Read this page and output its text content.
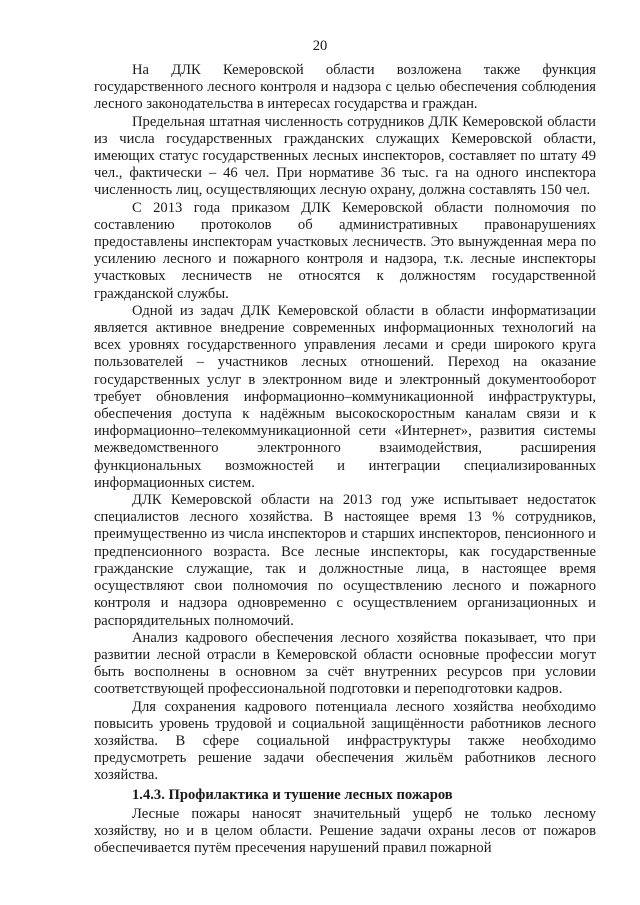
20

На ДЛК Кемеровской области возложена также функция государственного лесного контроля и надзора с целью обеспечения соблюдения лесного законодательства в интересах государства и граждан.

Предельная штатная численность сотрудников ДЛК Кемеровской области из числа государственных гражданских служащих Кемеровской области, имеющих статус государственных лесных инспекторов, составляет по штату 49 чел., фактически – 46 чел. При нормативе 36 тыс. га на одного инспектора численность лиц, осуществляющих лесную охрану, должна составлять 150 чел.

С 2013 года приказом ДЛК Кемеровской области полномочия по составлению протоколов об административных правонарушениях предоставлены инспекторам участковых лесничеств. Это вынужденная мера по усилению лесного и пожарного контроля и надзора, т.к. лесные инспекторы участковых лесничеств не относятся к должностям государственной гражданской службы.

Одной из задач ДЛК Кемеровской области в области информатизации является активное внедрение современных информационных технологий на всех уровнях государственного управления лесами и среди широкого круга пользователей – участников лесных отношений. Переход на оказание государственных услуг в электронном виде и электронный документооборот требует обновления информационно–коммуникационной инфраструктуры, обеспечения доступа к надёжным высокоскоростным каналам связи и к информационно–телекоммуникационной сети «Интернет», развития системы межведомственного электронного взаимодействия, расширения функциональных возможностей и интеграции специализированных информационных систем.

ДЛК Кемеровской области на 2013 год уже испытывает недостаток специалистов лесного хозяйства. В настоящее время 13 % сотрудников, преимущественно из числа инспекторов и старших инспекторов, пенсионного и предпенсионного возраста. Все лесные инспекторы, как государственные гражданские служащие, так и должностные лица, в настоящее время осуществляют свои полномочия по осуществлению лесного и пожарного контроля и надзора одновременно с осуществлением организационных и распорядительных полномочий.

Анализ кадрового обеспечения лесного хозяйства показывает, что при развитии лесной отрасли в Кемеровской области основные профессии могут быть восполнены в основном за счёт внутренних ресурсов при условии соответствующей профессиональной подготовки и переподготовки кадров.

Для сохранения кадрового потенциала лесного хозяйства необходимо повысить уровень трудовой и социальной защищённости работников лесного хозяйства. В сфере социальной инфраструктуры также необходимо предусмотреть решение задачи обеспечения жильём работников лесного хозяйства.

1.4.3. Профилактика и тушение лесных пожаров

Лесные пожары наносят значительный ущерб не только лесному хозяйству, но и в целом области. Решение задачи охраны лесов от пожаров обеспечивается путём пресечения нарушений правил пожарной
